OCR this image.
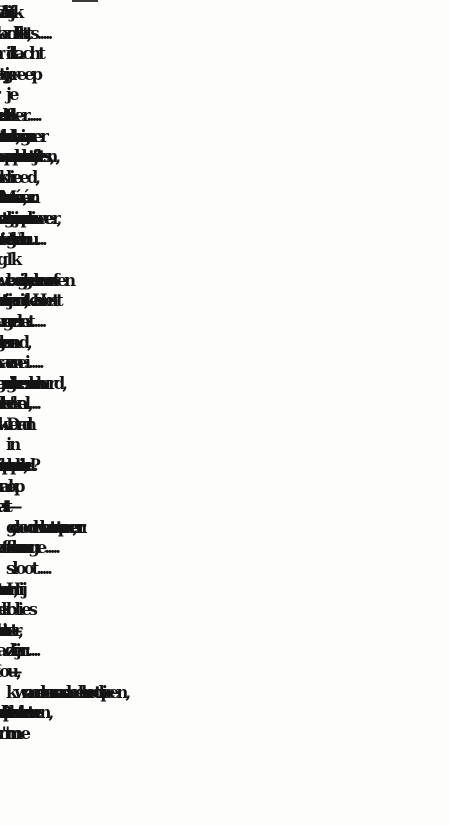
— Wat ik dacht?.... Ik dacht eigenlijk
zag wel, dat de menschen alsmaar kleiner
meneer, die riep tegen me: Vasthouwe jon-
begonnen we geloof ik weer te dalen.....
met veel vragen......
wel, da'k me beene toe heb opgetrokken.....
gauw doorheen, was meteen weer op het
sloot.....
zijn vader.....
kwamme der menschen aanloopen, die het
touw pakten, en die maakten het touw van
me arm los."
